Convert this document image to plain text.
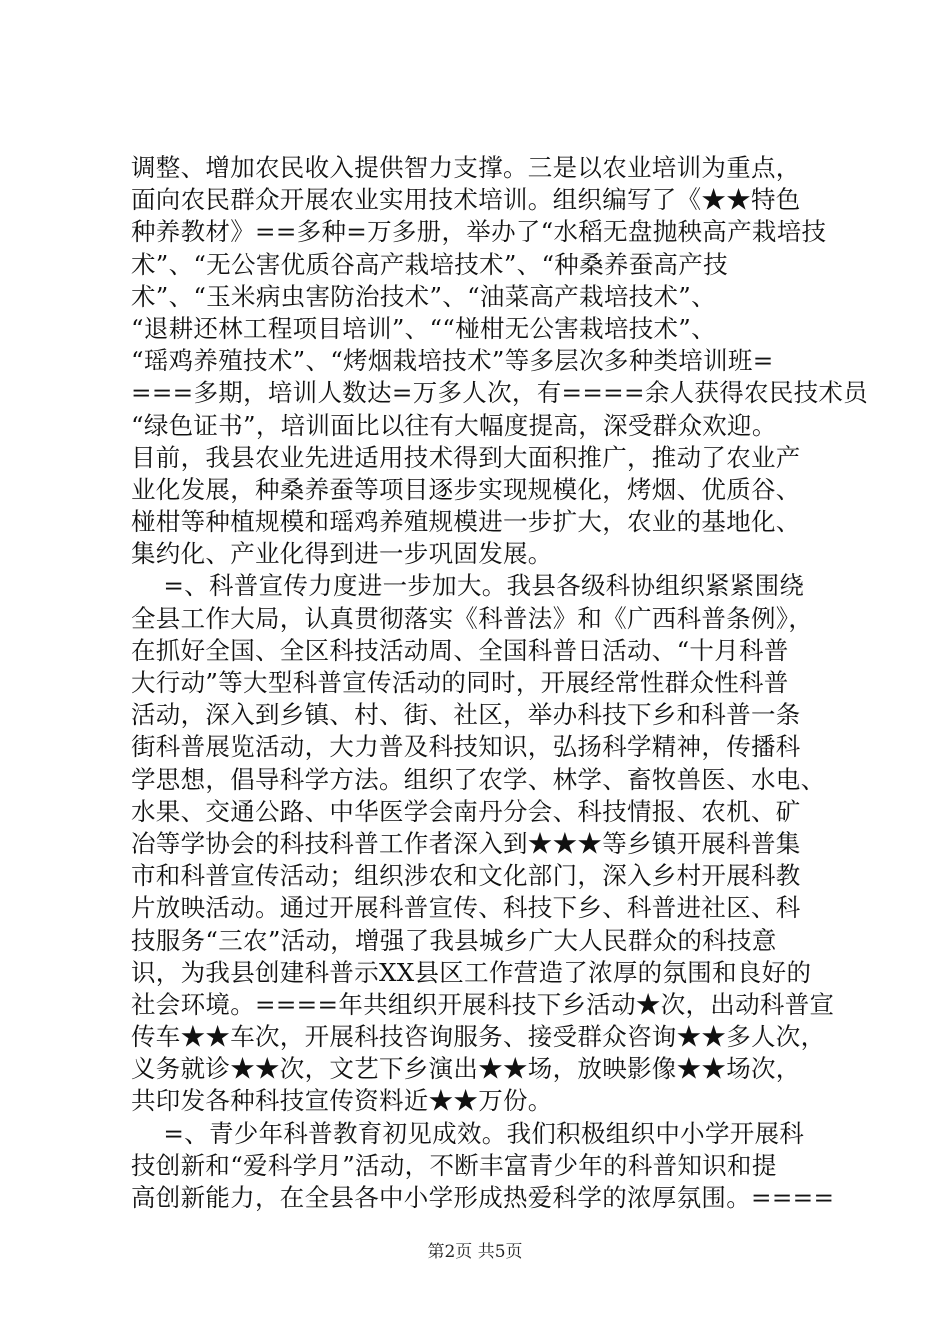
调整、增加农民收入提供智力支撑。三是以农业培训为重点，
面向农民群众开展农业实用技术培训。组织编写了《★★特色
种养教材》==多种=万多册，举办了“水稻无盘抛秧高产栽培技
术”、“无公害优质谷高产栽培技术”、“种桑养蚕高产技
术”、“玉米病虫害防治技术”、“油菜高产栽培技术”、
“退耕还林工程项目培训”、““椪柑无公害栽培技术”、
“瑶鸡养殖技术”、“烤烟栽培技术”等多层次多种类培训班=
===多期，培训人数达=万多人次，有====余人获得农民技术员
“绿色证书”，培训面比以往有大幅度提高，深受群众欢迎。
目前，我县农业先进适用技术得到大面积推广，推动了农业产
业化发展，种桑养蚕等项目逐步实现规模化，烤烟、优质谷、
椪柑等种植规模和瑶鸡养殖规模进一步扩大，农业的基地化、
集约化、产业化得到进一步巩固发展。
=、科普宣传力度进一步加大。我县各级科协组织紧紧围绕
全县工作大局，认真贯彻落实《科普法》和《广西科普条例》，
在抓好全国、全区科技活动周、全国科普日活动、“十月科普
大行动”等大型科普宣传活动的同时，开展经常性群众性科普
活动，深入到乡镇、村、街、社区，举办科技下乡和科普一条
街科普展览活动，大力普及科技知识，弘扬科学精神，传播科
学思想，倡导科学方法。组织了农学、林学、畜牧兽医、水电、
水果、交通公路、中华医学会南丹分会、科技情报、农机、矿
冶等学协会的科技科普工作者深入到★★★等乡镇开展科普集
市和科普宣传活动；组织涉农和文化部门，深入乡村开展科教
片放映活动。通过开展科普宣传、科技下乡、科普进社区、科
技服务“三农”活动，增强了我县城乡广大人民群众的科技意
识，为我县创建科普示XX县区工作营造了浓厚的氛围和良好的
社会环境。====年共组织开展科技下乡活动★次，出动科普宣
传车★★车次，开展科技咨询服务、接受群众咨询★★多人次，
义务就诊★★次，文艺下乡演出★★场，放映影像★★场次，
共印发各种科技宣传资料近★★万份。
=、青少年科普教育初见成效。我们积极组织中小学开展科
技创新和“爱科学月”活动，不断丰富青少年的科普知识和提
高创新能力，在全县各中小学形成热爱科学的浓厚氛围。====
第2页 共5页
